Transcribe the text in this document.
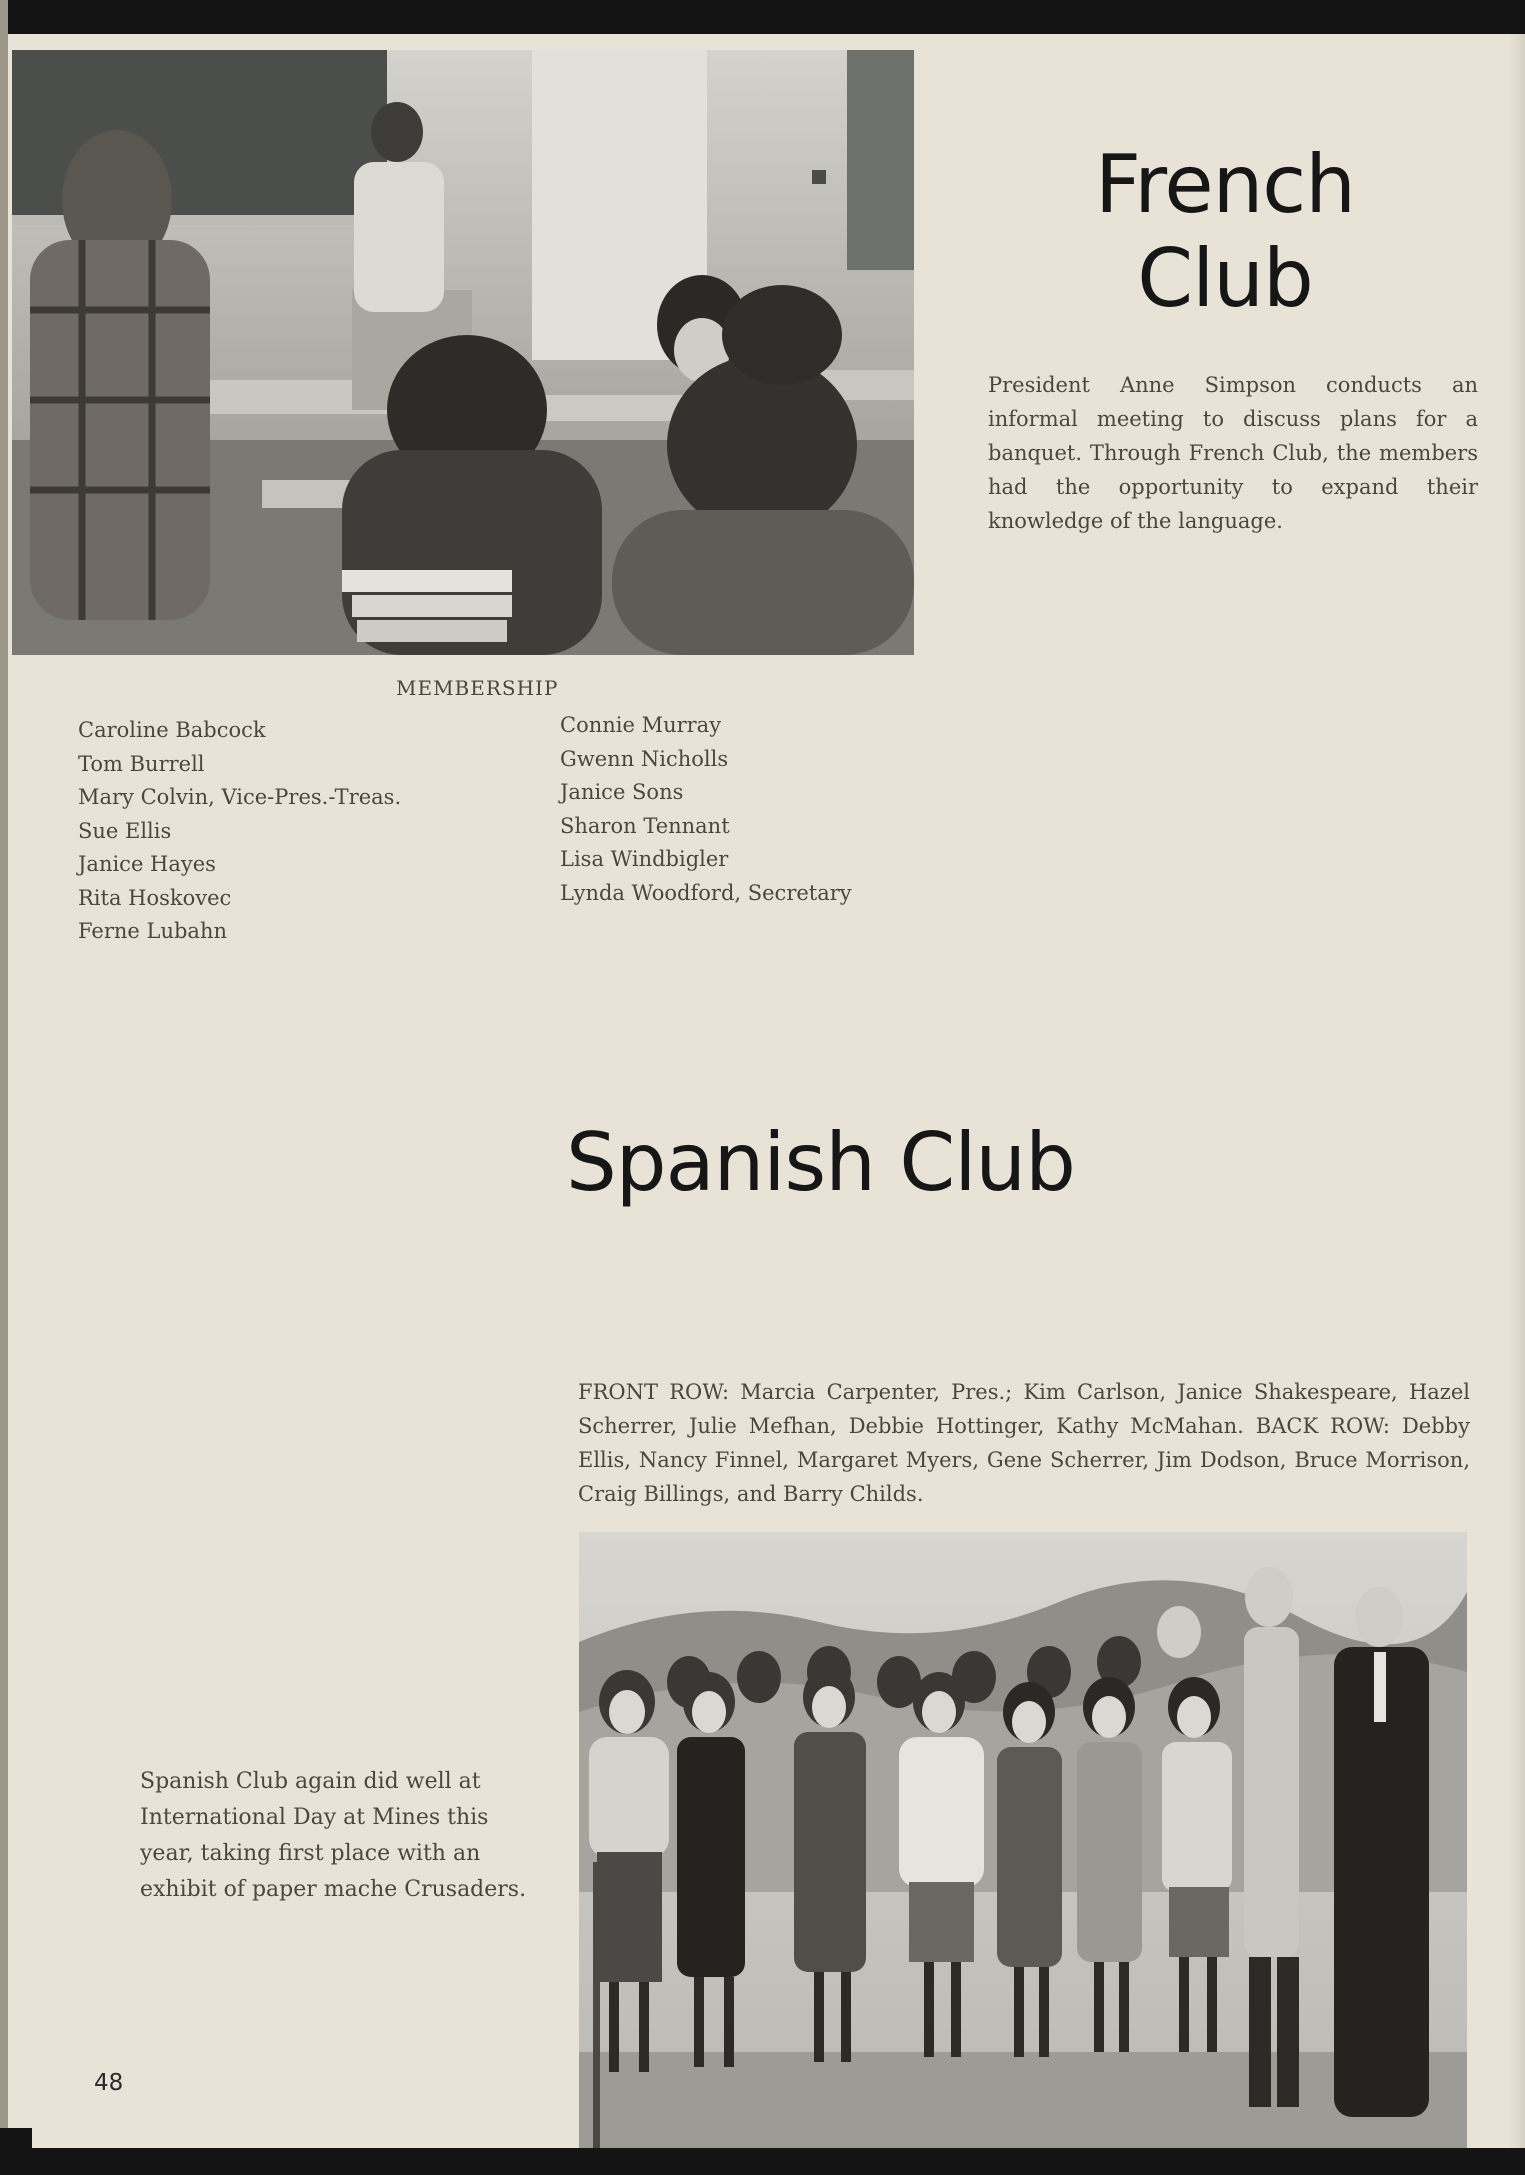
French
Club

President Anne Simpson conducts an informal meeting to discuss plans for a banquet. Through French Club, the members had the opportunity to expand their knowledge of the language.

MEMBERSHIP
Caroline Babcock
Tom Burrell
Mary Colvin, Vice-Pres.-Treas.
Sue Ellis
Janice Hayes
Rita Hoskovec
Ferne Lubahn
Connie Murray
Gwenn Nicholls
Janice Sons
Sharon Tennant
Lisa Windbigler
Lynda Woodford, Secretary
Spanish Club

FRONT ROW: Marcia Carpenter, Pres.; Kim Carlson, Janice Shakespeare, Hazel Scherrer, Julie Mefhan, Debbie Hottinger, Kathy McMahan. BACK ROW: Debby Ellis, Nancy Finnel, Margaret Myers, Gene Scherrer, Jim Dodson, Bruce Morrison, Craig Billings, and Barry Childs.

Spanish Club again did well at International Day at Mines this year, taking first place with an exhibit of paper mache Crusaders.

48
